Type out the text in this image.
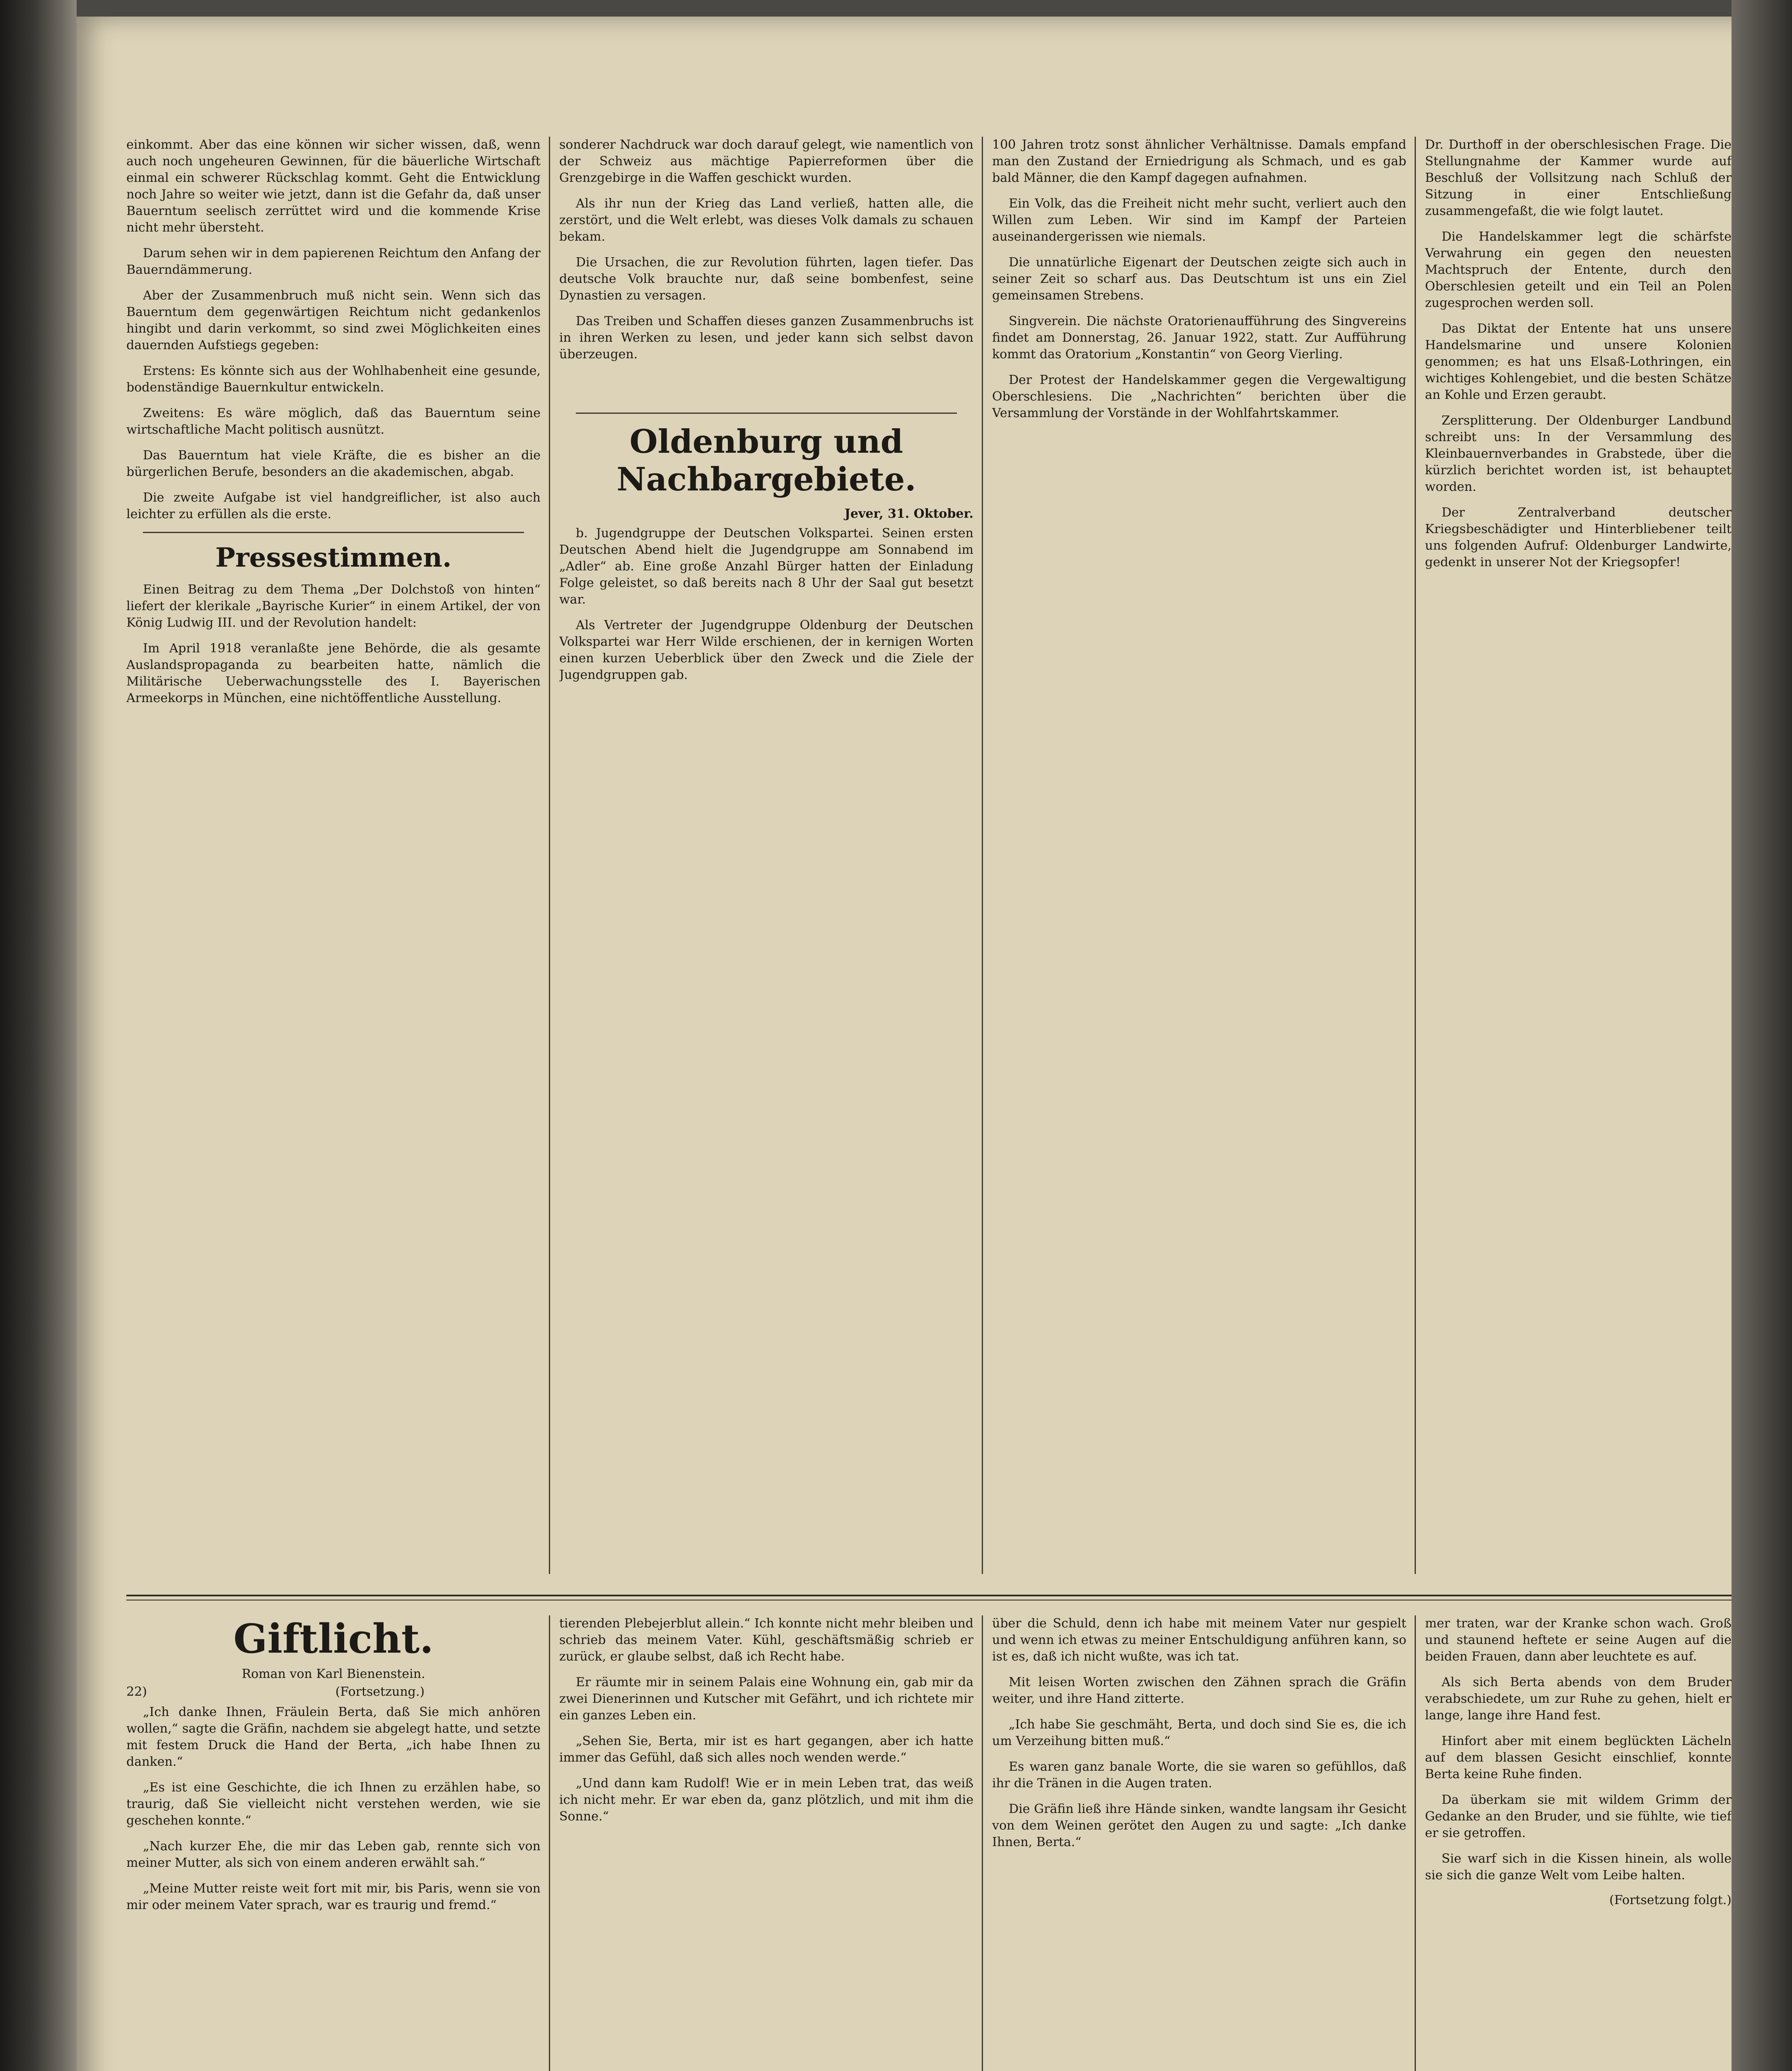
einkommt. Aber das eine können wir sicher wissen, daß, wenn auch noch ungeheuren Gewinnen, für die bäuerliche Wirtschaft einmal ein schwerer Rückschlag kommt. Geht die Entwicklung noch Jahre so weiter wie jetzt, dann ist die Gefahr da, daß unser Bauerntum seelisch zerrüttet wird und die kommende Krise nicht mehr übersteht.

Darum sehen wir in dem papierenen Reichtum den Anfang der Bauerndämmerung.

Aber der Zusammenbruch muß nicht sein. Wenn sich das Bauerntum dem gegenwärtigen Reichtum nicht gedankenlos hingibt und darin verkommt, so sind zwei Möglichkeiten eines dauernden Aufstiegs gegeben:

Erstens: Es könnte sich aus der Wohlhabenheit eine gesunde, bodenständige Bauernkultur entwickeln.

Zweitens: Es wäre möglich, daß das Bauerntum seine wirtschaftliche Macht politisch ausnützt.

Das Bauerntum hat viele Kräfte, die es bisher an die bürgerlichen Berufe, besonders an die akademischen, abgab.

Die zweite Aufgabe ist viel handgreiflicher, ist also auch leichter zu erfüllen als die erste.

Pressestimmen.

Einen Beitrag zu dem Thema „Der Dolchstoß von hinten“ liefert der klerikale „Bayrische Kurier“ in einem Artikel, der von König Ludwig III. und der Revolution handelt:

Im April 1918 veranlaßte jene Behörde, die als gesamte Auslandspropaganda zu bearbeiten hatte, nämlich die Militärische Ueberwachungsstelle des I. Bayerischen Armeekorps in München, eine nichtöffentliche Ausstellung.

sonderer Nachdruck war doch darauf gelegt, wie namentlich von der Schweiz aus mächtige Papierreformen über die Grenzgebirge in die Waffen geschickt wurden.

Als ihr nun der Krieg das Land verließ, hatten alle, die zerstört, und die Welt erlebt, was dieses Volk damals zu schauen bekam.

Die Ursachen, die zur Revolution führten, lagen tiefer. Das deutsche Volk brauchte nur, daß seine bombenfest, seine Dynastien zu versagen.

Das Treiben und Schaffen dieses ganzen Zusammenbruchs ist in ihren Werken zu lesen, und jeder kann sich selbst davon überzeugen.

Oldenburg und Nachbargebiete.
Jever, 31. Oktober.

b. Jugendgruppe der Deutschen Volkspartei. Seinen ersten Deutschen Abend hielt die Jugendgruppe am Sonnabend im „Adler“ ab. Eine große Anzahl Bürger hatten der Einladung Folge geleistet, so daß bereits nach 8 Uhr der Saal gut besetzt war.

Als Vertreter der Jugendgruppe Oldenburg der Deutschen Volkspartei war Herr Wilde erschienen, der in kernigen Worten einen kurzen Ueberblick über den Zweck und die Ziele der Jugendgruppen gab.

100 Jahren trotz sonst ähnlicher Verhältnisse. Damals empfand man den Zustand der Erniedrigung als Schmach, und es gab bald Männer, die den Kampf dagegen aufnahmen.

Ein Volk, das die Freiheit nicht mehr sucht, verliert auch den Willen zum Leben. Wir sind im Kampf der Parteien auseinandergerissen wie niemals.

Die unnatürliche Eigenart der Deutschen zeigte sich auch in seiner Zeit so scharf aus. Das Deutschtum ist uns ein Ziel gemeinsamen Strebens.

Singverein. Die nächste Oratorienaufführung des Singvereins findet am Donnerstag, 26. Januar 1922, statt. Zur Aufführung kommt das Oratorium „Konstantin“ von Georg Vierling.

Der Protest der Handelskammer gegen die Vergewaltigung Oberschlesiens. Die „Nachrichten“ berichten über die Versammlung der Vorstände in der Wohlfahrtskammer.

Dr. Durthoff in der oberschlesischen Frage. Die Stellungnahme der Kammer wurde auf Beschluß der Vollsitzung nach Schluß der Sitzung in einer Entschließung zusammengefaßt, die wie folgt lautet.

Die Handelskammer legt die schärfste Verwahrung ein gegen den neuesten Machtspruch der Entente, durch den Oberschlesien geteilt und ein Teil an Polen zugesprochen werden soll.

Das Diktat der Entente hat uns unsere Handelsmarine und unsere Kolonien genommen; es hat uns Elsaß-Lothringen, ein wichtiges Kohlengebiet, und die besten Schätze an Kohle und Erzen geraubt.

Zersplitterung. Der Oldenburger Landbund schreibt uns: In der Versammlung des Kleinbauernverbandes in Grabstede, über die kürzlich berichtet worden ist, ist behauptet worden.

Der Zentralverband deutscher Kriegsbeschädigter und Hinterbliebener teilt uns folgenden Aufruf: Oldenburger Landwirte, gedenkt in unserer Not der Kriegsopfer!

Giftlicht.
Roman von Karl Bienenstein.
22)	(Fortsetzung.)

„Ich danke Ihnen, Fräulein Berta, daß Sie mich anhören wollen,“ sagte die Gräfin, nachdem sie abgelegt hatte, und setzte mit festem Druck die Hand der Berta, „ich habe Ihnen zu danken.“

„Es ist eine Geschichte, die ich Ihnen zu erzählen habe, so traurig, daß Sie vielleicht nicht verstehen werden, wie sie geschehen konnte.“

„Nach kurzer Ehe, die mir das Leben gab, rennte sich von meiner Mutter, als sich von einem anderen erwählt sah.“

„Meine Mutter reiste weit fort mit mir, bis Paris, wenn sie von mir oder meinem Vater sprach, war es traurig und fremd.“

tierenden Plebejerblut allein.“ Ich konnte nicht mehr bleiben und schrieb das meinem Vater. Kühl, geschäftsmäßig schrieb er zurück, er glaube selbst, daß ich Recht habe.

Er räumte mir in seinem Palais eine Wohnung ein, gab mir da zwei Dienerinnen und Kutscher mit Gefährt, und ich richtete mir ein ganzes Leben ein.

„Sehen Sie, Berta, mir ist es hart gegangen, aber ich hatte immer das Gefühl, daß sich alles noch wenden werde.“

„Und dann kam Rudolf! Wie er in mein Leben trat, das weiß ich nicht mehr. Er war eben da, ganz plötzlich, und mit ihm die Sonne.“

über die Schuld, denn ich habe mit meinem Vater nur gespielt und wenn ich etwas zu meiner Entschuldigung anführen kann, so ist es, daß ich nicht wußte, was ich tat.

Mit leisen Worten zwischen den Zähnen sprach die Gräfin weiter, und ihre Hand zitterte.

„Ich habe Sie geschmäht, Berta, und doch sind Sie es, die ich um Verzeihung bitten muß.“

Es waren ganz banale Worte, die sie waren so gefühllos, daß ihr die Tränen in die Augen traten.

Die Gräfin ließ ihre Hände sinken, wandte langsam ihr Gesicht von dem Weinen gerötet den Augen zu und sagte: „Ich danke Ihnen, Berta.“

mer traten, war der Kranke schon wach. Groß und staunend heftete er seine Augen auf die beiden Frauen, dann aber leuchtete es auf.

Als sich Berta abends von dem Bruder verabschiedete, um zur Ruhe zu gehen, hielt er lange, lange ihre Hand fest.

Hinfort aber mit einem beglückten Lächeln auf dem blassen Gesicht einschlief, konnte Berta keine Ruhe finden.

Da überkam sie mit wildem Grimm der Gedanke an den Bruder, und sie fühlte, wie tief er sie getroffen.

Sie warf sich in die Kissen hinein, als wolle sie sich die ganze Welt vom Leibe halten.

(Fortsetzung folgt.)
